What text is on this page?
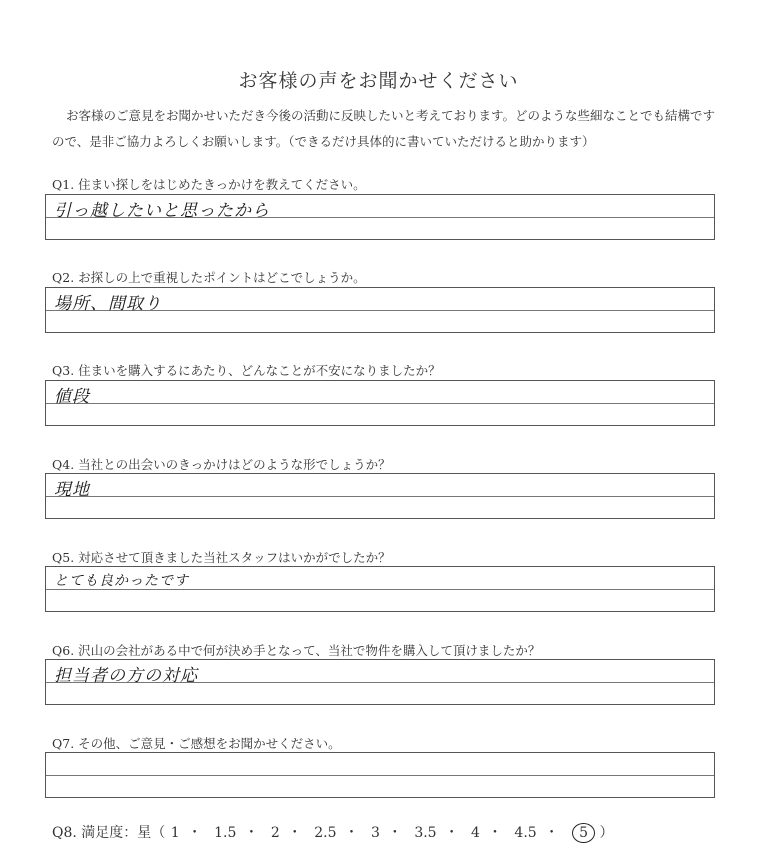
お客様の声をお聞かせください
お客様のご意見をお聞かせいただき今後の活動に反映したいと考えております。どのような些細なことでも結構ですので、是非ご協力よろしくお願いします。（できるだけ具体的に書いていただけると助かります）
Q1. 住まい探しをはじめたきっかけを教えてください。
引っ越したいと思ったから
Q2. お探しの上で重視したポイントはどこでしょうか。
場所、間取り
Q3. 住まいを購入するにあたり、どんなことが不安になりましたか？
値段
Q4. 当社との出会いのきっかけはどのような形でしょうか？
現地
Q5. 対応させて頂きました当社スタッフはいかがでしたか？
とても良かったです
Q6. 沢山の会社がある中で何が決め手となって、当社で物件を購入して頂けましたか？
担当者の方の対応
Q7. その他、ご意見・ご感想をお聞かせください。
Q8. 満足度：星（ 1 ・ 1.5 ・ 2 ・ 2.5 ・ 3 ・ 3.5 ・ 4 ・ 4.5 ・ 5 ）
